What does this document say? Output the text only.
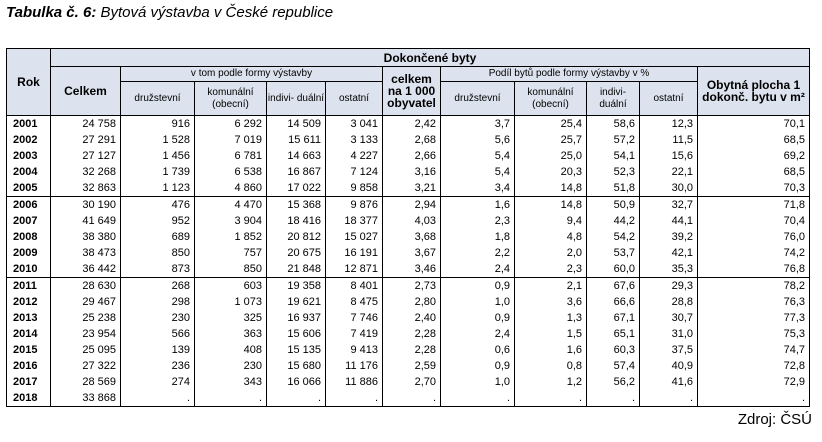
Tabulka č. 6: Bytová výstavba v České republice
Rok	Dokončené byty										
	Celkem	v tom podle formy výstavby				celkem na 1 000 obyvatel	Podíl bytů podle formy výstavby v %				Obytná plocha 1 dokonč. bytu v m²
		družstevní	komunální (obecní)	indivi- duální	ostatní		družstevní	komunální (obecní)	indivi- duální	ostatní	
2001	24 758	916	6 292	14 509	3 041	2,42	3,7	25,4	58,6	12,3	70,1
2002	27 291	1 528	7 019	15 611	3 133	2,68	5,6	25,7	57,2	11,5	68,5
2003	27 127	1 456	6 781	14 663	4 227	2,66	5,4	25,0	54,1	15,6	69,2
2004	32 268	1 739	6 538	16 867	7 124	3,16	5,4	20,3	52,3	22,1	68,5
2005	32 863	1 123	4 860	17 022	9 858	3,21	3,4	14,8	51,8	30,0	70,3
2006	30 190	476	4 470	15 368	9 876	2,94	1,6	14,8	50,9	32,7	71,8
2007	41 649	952	3 904	18 416	18 377	4,03	2,3	9,4	44,2	44,1	70,4
2008	38 380	689	1 852	20 812	15 027	3,68	1,8	4,8	54,2	39,2	76,0
2009	38 473	850	757	20 675	16 191	3,67	2,2	2,0	53,7	42,1	74,2
2010	36 442	873	850	21 848	12 871	3,46	2,4	2,3	60,0	35,3	76,8
2011	28 630	268	603	19 358	8 401	2,73	0,9	2,1	67,6	29,3	78,2
2012	29 467	298	1 073	19 621	8 475	2,80	1,0	3,6	66,6	28,8	76,3
2013	25 238	230	325	16 937	7 746	2,40	0,9	1,3	67,1	30,7	77,3
2014	23 954	566	363	15 606	7 419	2,28	2,4	1,5	65,1	31,0	75,3
2015	25 095	139	408	15 135	9 413	2,28	0,6	1,6	60,3	37,5	74,7
2016	27 322	236	230	15 680	11 176	2,59	0,9	0,8	57,4	40,9	72,8
2017	28 569	274	343	16 066	11 886	2,70	1,0	1,2	56,2	41,6	72,9
2018	33 868	.	.	.	.	.	.	.	.	.	.
Zdroj: ČSÚ
